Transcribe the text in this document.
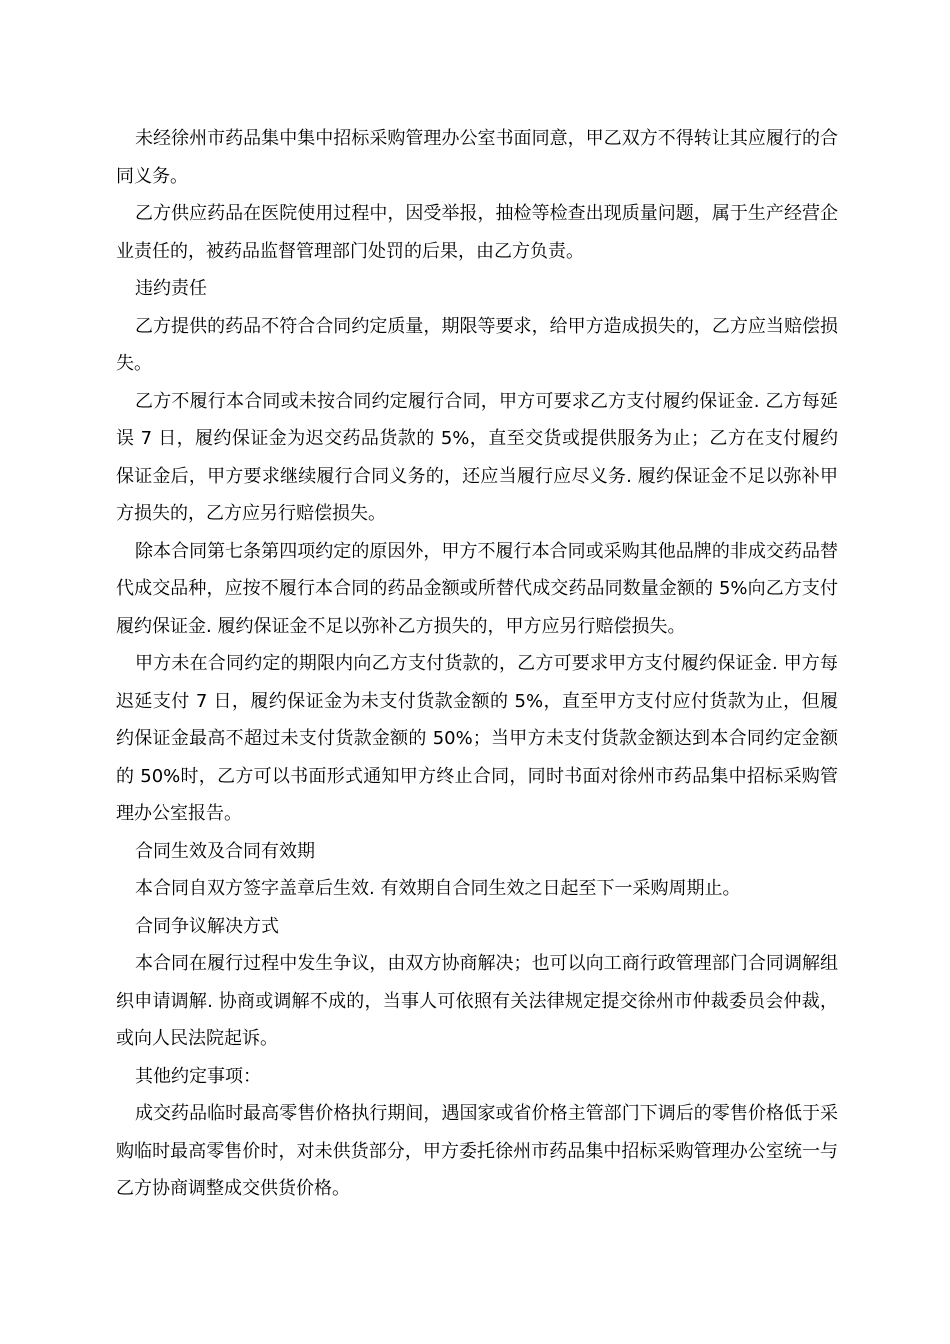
未经徐州市药品集中集中招标采购管理办公室书面同意，甲乙双方不得转让其应履行的合同义务。

乙方供应药品在医院使用过程中，因受举报，抽检等检查出现质量问题，属于生产经营企业责任的，被药品监督管理部门处罚的后果，由乙方负责。

违约责任

乙方提供的药品不符合合同约定质量，期限等要求，给甲方造成损失的，乙方应当赔偿损失。

乙方不履行本合同或未按合同约定履行合同，甲方可要求乙方支付履约保证金. 乙方每延误 7 日，履约保证金为迟交药品货款的 5%，直至交货或提供服务为止；乙方在支付履约保证金后，甲方要求继续履行合同义务的，还应当履行应尽义务. 履约保证金不足以弥补甲方损失的，乙方应另行赔偿损失。

除本合同第七条第四项约定的原因外，甲方不履行本合同或采购其他品牌的非成交药品替代成交品种，应按不履行本合同的药品金额或所替代成交药品同数量金额的 5%向乙方支付履约保证金. 履约保证金不足以弥补乙方损失的，甲方应另行赔偿损失。

甲方未在合同约定的期限内向乙方支付货款的，乙方可要求甲方支付履约保证金. 甲方每迟延支付 7 日，履约保证金为未支付货款金额的 5%，直至甲方支付应付货款为止，但履约保证金最高不超过未支付货款金额的 50%；当甲方未支付货款金额达到本合同约定金额的 50%时，乙方可以书面形式通知甲方终止合同，同时书面对徐州市药品集中招标采购管理办公室报告。

合同生效及合同有效期

本合同自双方签字盖章后生效. 有效期自合同生效之日起至下一采购周期止。

合同争议解决方式

本合同在履行过程中发生争议，由双方协商解决；也可以向工商行政管理部门合同调解组织申请调解. 协商或调解不成的，当事人可依照有关法律规定提交徐州市仲裁委员会仲裁，或向人民法院起诉。

其他约定事项：

成交药品临时最高零售价格执行期间，遇国家或省价格主管部门下调后的零售价格低于采购临时最高零售价时，对未供货部分，甲方委托徐州市药品集中招标采购管理办公室统一与乙方协商调整成交供货价格。
